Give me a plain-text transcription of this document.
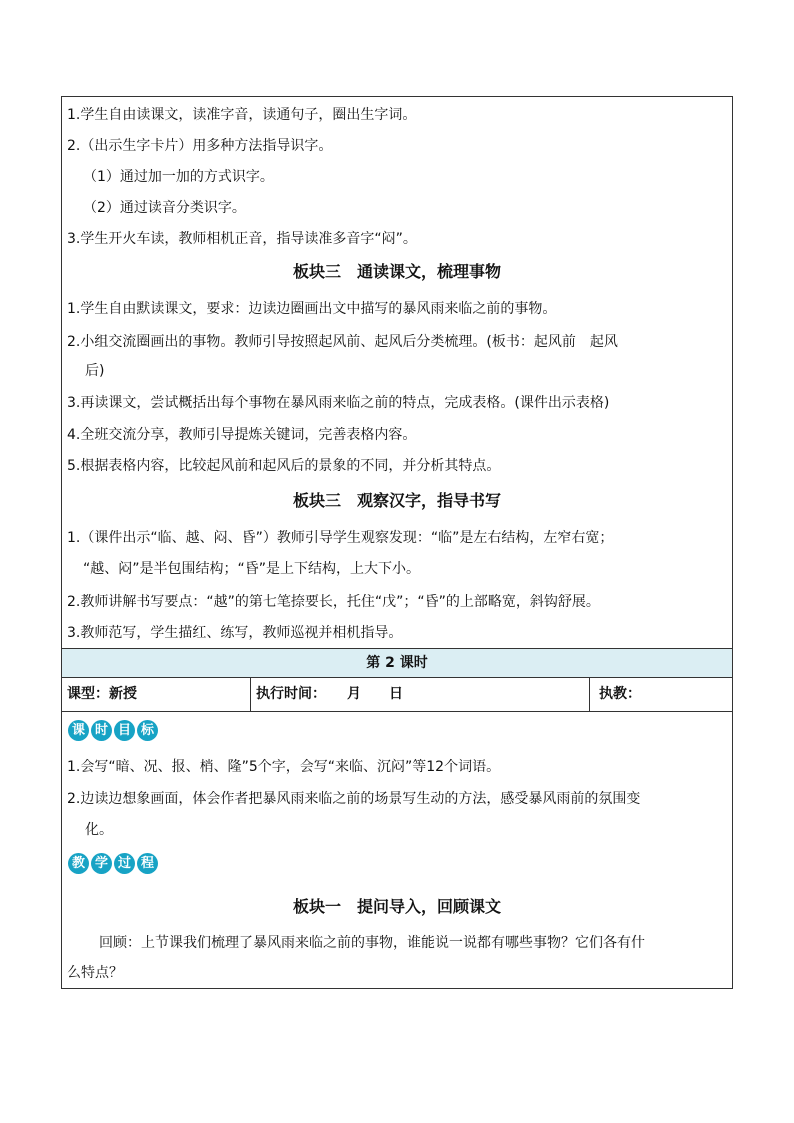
1.学生自由读课文，读准字音，读通句子，圈出生字词。
2.（出示生字卡片）用多种方法指导识字。
（1）通过加一加的方式识字。
（2）通过读音分类识字。
3.学生开火车读，教师相机正音，指导读准多音字“闷”。
板块三　通读课文，梳理事物
1.学生自由默读课文，要求：边读边圈画出文中描写的暴风雨来临之前的事物。
2.小组交流圈画出的事物。教师引导按照起风前、起风后分类梳理。(板书：起风前　起风
后)
3.再读课文，尝试概括出每个事物在暴风雨来临之前的特点，完成表格。(课件出示表格)
4.全班交流分享，教师引导提炼关键词，完善表格内容。
5.根据表格内容，比较起风前和起风后的景象的不同，并分析其特点。
板块三　观察汉字，指导书写
1.（课件出示“临、越、闷、昏”）教师引导学生观察发现：“临”是左右结构，左窄右宽；
“越、闷”是半包围结构；“昏”是上下结构，上大下小。
2.教师讲解书写要点：“越”的第七笔捺要长，托住“戊”；“昏”的上部略宽，斜钩舒展。
3.教师范写，学生描红、练写，教师巡视并相机指导。
第 2 课时
课型：新授	执行时间：　　月　　日	执教：
课 时 目 标
1.会写“暗、况、报、梢、隆”5个字，会写“来临、沉闷”等12个词语。
2.边读边想象画面，体会作者把暴风雨来临之前的场景写生动的方法，感受暴风雨前的氛围变
化。
教 学 过 程
板块一　提问导入，回顾课文
回顾：上节课我们梳理了暴风雨来临之前的事物，谁能说一说都有哪些事物？它们各有什
么特点？
